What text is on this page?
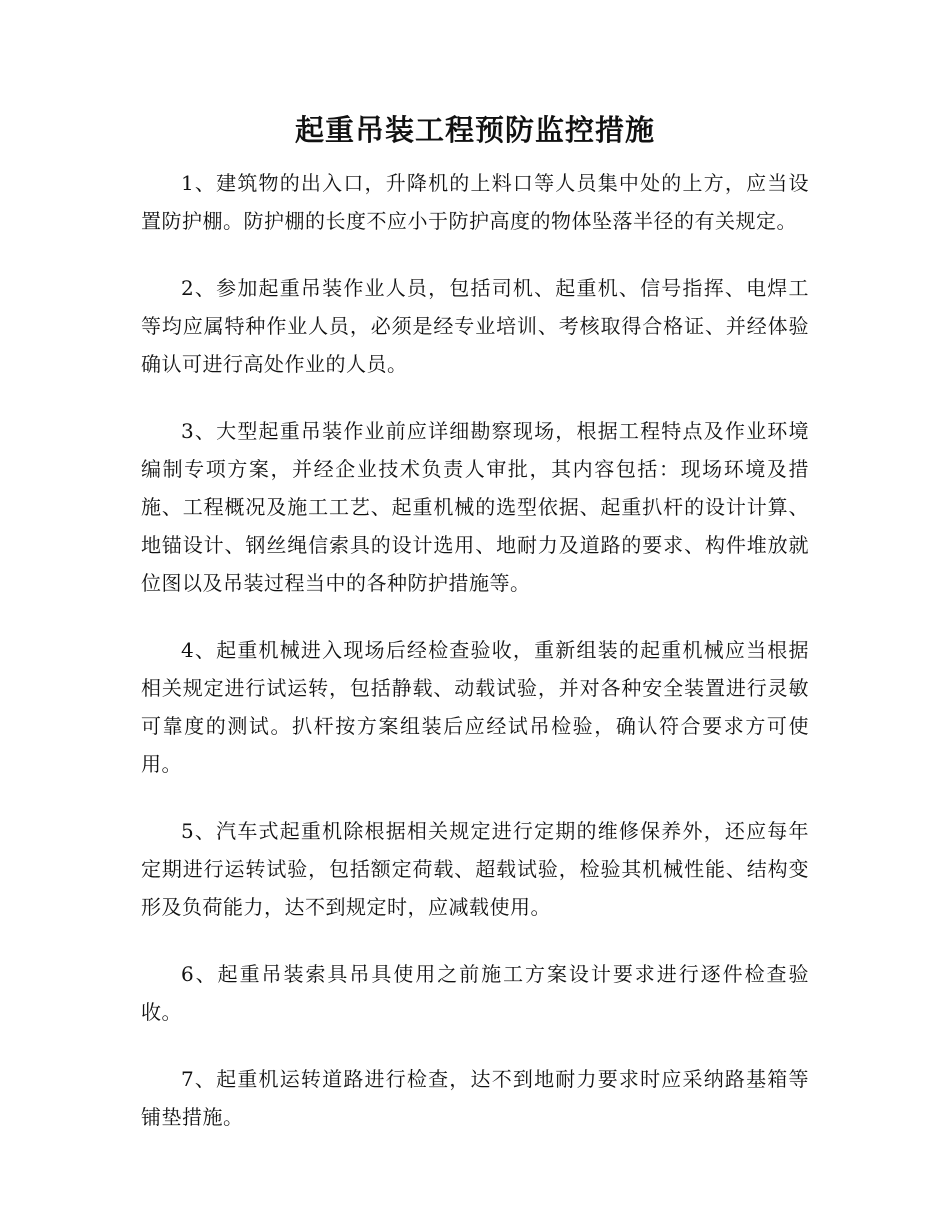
起重吊装工程预防监控措施

1、建筑物的出入口，升降机的上料口等人员集中处的上方，应当设置防护棚。防护棚的长度不应小于防护高度的物体坠落半径的有关规定。

2、参加起重吊装作业人员，包括司机、起重机、信号指挥、电焊工等均应属特种作业人员，必须是经专业培训、考核取得合格证、并经体验确认可进行高处作业的人员。

3、大型起重吊装作业前应详细勘察现场，根据工程特点及作业环境编制专项方案，并经企业技术负责人审批，其内容包括：现场环境及措施、工程概况及施工工艺、起重机械的选型依据、起重扒杆的设计计算、地锚设计、钢丝绳信索具的设计选用、地耐力及道路的要求、构件堆放就位图以及吊装过程当中的各种防护措施等。

4、起重机械进入现场后经检查验收，重新组装的起重机械应当根据相关规定进行试运转，包括静载、动载试验，并对各种安全装置进行灵敏可靠度的测试。扒杆按方案组装后应经试吊检验，确认符合要求方可使用。

5、汽车式起重机除根据相关规定进行定期的维修保养外，还应每年定期进行运转试验，包括额定荷载、超载试验，检验其机械性能、结构变形及负荷能力，达不到规定时，应减载使用。

6、起重吊装索具吊具使用之前施工方案设计要求进行逐件检查验收。

7、起重机运转道路进行检查，达不到地耐力要求时应采纳路基箱等铺垫措施。
